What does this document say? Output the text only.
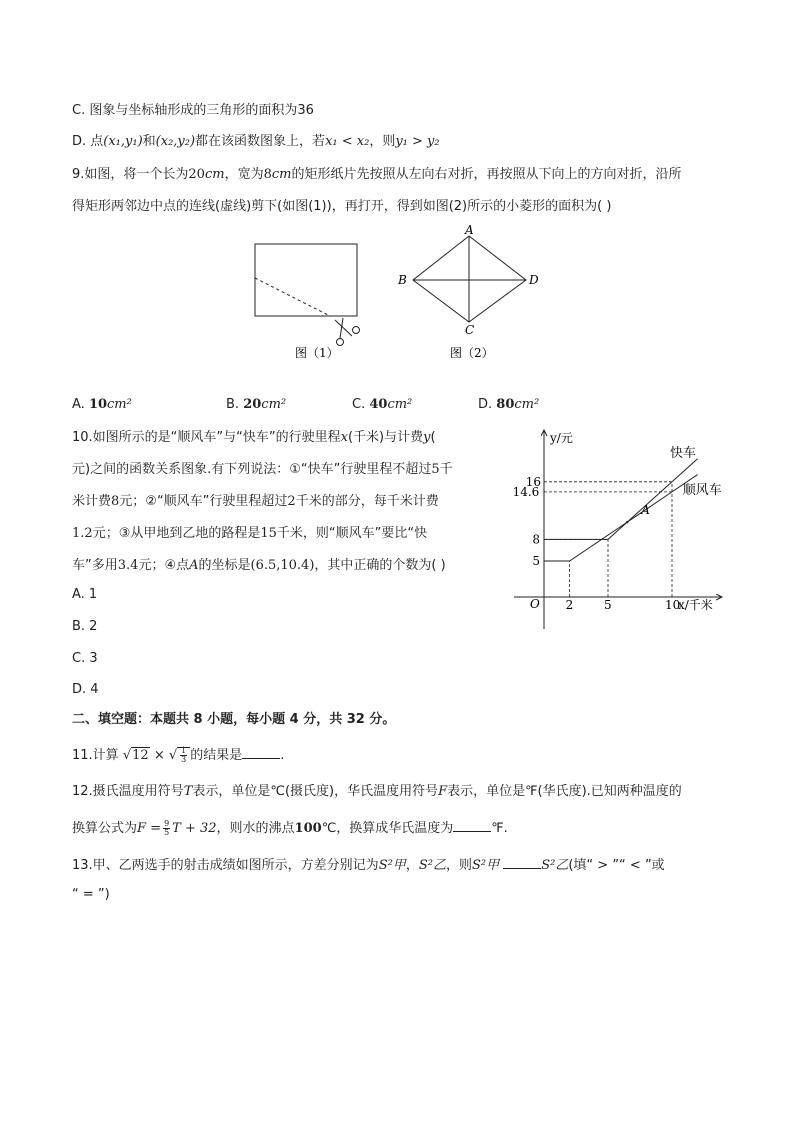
C. 图象与坐标轴形成的三角形的面积为36
D. 点(x₁,y₁)和(x₂,y₂)都在该函数图象上，若x₁ < x₂，则y₁ > y₂
9.如图，将一个长为20cm，宽为8cm的矩形纸片先按照从左向右对折，再按照从下向上的方向对折，沿所
得矩形两邻边中点的连线(虚线)剪下(如图(1))，再打开，得到如图(2)所示的小菱形的面积为( )
图（1）
A
B
C
D
图（2）
A. 10cm²	B. 20cm²	C. 40cm²	D. 80cm²
10.如图所示的是“顺风车”与“快车”的行驶里程x(千米)与计费y(
元)之间的函数关系图象.有下列说法：①“快车”行驶里程不超过5千
米计费8元；②“顺风车”行驶里程超过2千米的部分，每千米计费
1.2元；③从甲地到乙地的路程是15千米，则“顺风车”要比“快
车”多用3.4元；④点A的坐标是(6.5,10.4)，其中正确的个数为( )
A. 1
B. 2
C. 3
D. 4
y/元
x/千米
O 2	5	10
5
8
14.6
16
A
快车
顺风车
二、填空题：本题共 8 小题，每小题 4 分，共 32 分。
11.计算 √12 × √ $\frac{1}{3}$ 的结果是	.
12.摄氏温度用符号T表示，单位是℃(摄氏度)，华氏温度用符号F表示，单位是℉(华氏度).已知两种温度的
换算公式为$F = \frac{9}{5}$ T + 32，则水的沸点100℃，换算成华氏温度为	℉.
13.甲、乙两选手的射击成绩如图所示，方差分别记为S²甲，S²乙，则S²甲	S²乙(填“ > ”“ < ”或
“ = ”)
